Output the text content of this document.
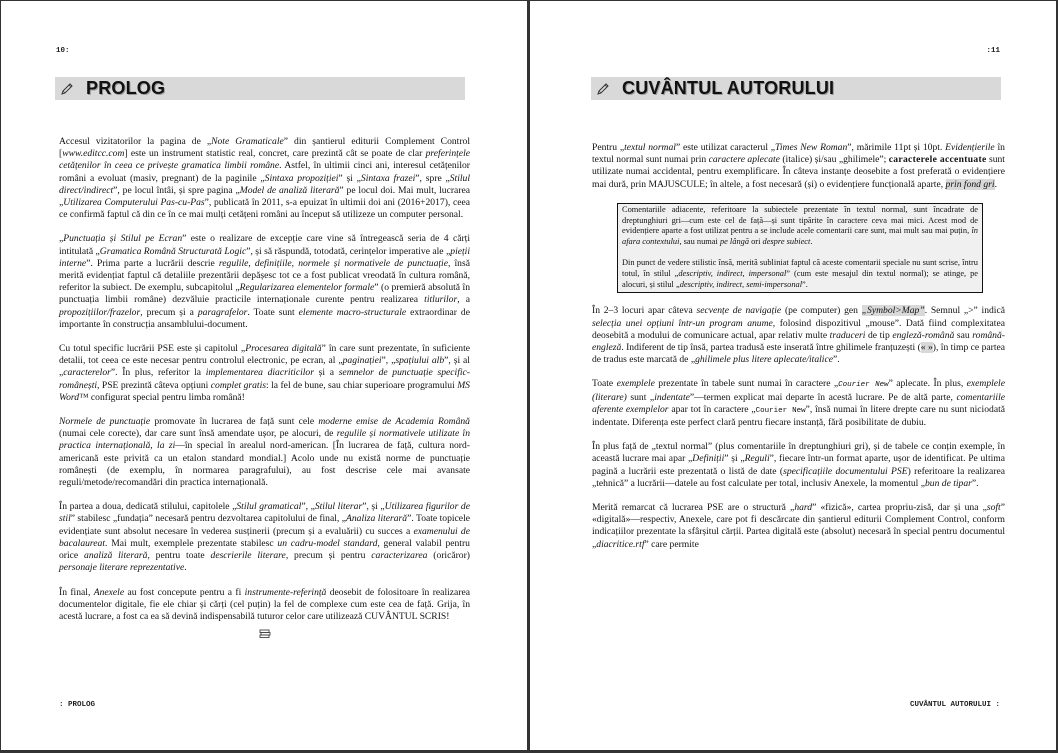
10:
PROLOG

Accesul vizitatorilor la pagina de „Note Gramaticale” din șantierul editurii Complement Control [www.editcc.com] este un instrument statistic real, concret, care prezintă cât se poate de clar preferințele cetățenilor în ceea ce privește gramatica limbii române. Astfel, în ultimii cinci ani, interesul cetățenilor români a evoluat (masiv, pregnant) de la paginile „Sintaxa propoziției” și „Sintaxa frazei”, spre „Stilul direct/indirect”, pe locul întâi, și spre pagina „Model de analiză literară” pe locul doi. Mai mult, lucrarea „Utilizarea Computerului Pas-cu-Pas”, publicată în 2011, s-a epuizat în ultimii doi ani (2016+2017), ceea ce confirmă faptul că din ce în ce mai mulți cetățeni români au început să utilizeze un computer personal.

„Punctuația și Stilul pe Ecran” este o realizare de excepție care vine să întregească seria de 4 cărți intitulată „Gramatica Română Structurată Logic”, și să răspundă, totodată, cerințelor imperative ale „pieții interne”. Prima parte a lucrării descrie regulile, definițiile, normele și normativele de punctuație, însă merită evidențiat faptul că detaliile prezentării depășesc tot ce a fost publicat vreodată în cultura română, referitor la subiect. De exemplu, subcapitolul „Regularizarea elementelor formale” (o premieră absolută în punctuația limbii române) dezvăluie practicile internaționale curente pentru realizarea titlurilor, a propozițiilor/frazelor, precum și a paragrafelor. Toate sunt elemente macro-structurale extraordinar de importante în construcția ansamblului-document.

Cu totul specific lucrării PSE este și capitolul „Procesarea digitală” în care sunt prezentate, în suficiente detalii, tot ceea ce este necesar pentru controlul electronic, pe ecran, al „paginației”, „spațiului alb”, și al „caracterelor”. În plus, referitor la implementarea diacriticilor și a semnelor de punctuație specific-românești, PSE prezintă câteva opțiuni complet gratis: la fel de bune, sau chiar superioare programului MS Word™ configurat special pentru limba română!

Normele de punctuație promovate în lucrarea de față sunt cele moderne emise de Academia Română (numai cele corecte), dar care sunt însă amendate ușor, pe alocuri, de regulile și normativele utilizate în practica internațională, la zi—în special în arealul nord-american. [În lucrarea de față, cultura nord-americană este privită ca un etalon standard mondial.] Acolo unde nu există norme de punctuație românești (de exemplu, în normarea paragrafului), au fost descrise cele mai avansate reguli/metode/recomandări din practica internațională.

În partea a doua, dedicată stilului, capitolele „Stilul gramatical”, „Stilul literar”, și „Utilizarea figurilor de stil” stabilesc „fundația” necesară pentru dezvoltarea capitolului de final, „Analiza literară”. Toate topicele evidențiate sunt absolut necesare în vederea susținerii (precum și a evaluării) cu succes a examenului de bacalaureat. Mai mult, exemplele prezentate stabilesc un cadru-model standard, general valabil pentru orice analiză literară, pentru toate descrierile literare, precum și pentru caracterizarea (oricăror) personaje literare reprezentative.

În final, Anexele au fost concepute pentru a fi instrumente-referință deosebit de folositoare în realizarea documentelor digitale, fie ele chiar și cărți (cel puțin) la fel de complexe cum este cea de față. Grija, în acestă lucrare, a fost ca ea să devină indispensabilă tuturor celor care utilizează CUVÂNTUL SCRIS!

: PROLOG
:11
CUVÂNTUL AUTORULUI

Pentru „textul normal” este utilizat caracterul „Times New Roman”, mărimile 11pt și 10pt. Evidențierile în textul normal sunt numai prin caractere aplecate (italice) și/sau „ghilimele”; caracterele accentuate sunt utilizate numai accidental, pentru exemplificare. În câteva instanțe deosebite a fost preferată o evidențiere mai dură, prin MAJUSCULE; în altele, a fost necesară (și) o evidențiere funcțională aparte, prin fond gri.

Comentariile adiacente, referitoare la subiectele prezentate în textul normal, sunt încadrate de dreptunghiuri gri—cum este cel de față—și sunt tipărite în caractere ceva mai mici. Acest mod de evidențiere aparte a fost utilizat pentru a se include acele comentarii care sunt, mai mult sau mai puțin, în afara contextului, sau numai pe lângă ori despre subiect.

Din punct de vedere stilistic însă, merită subliniat faptul că aceste comentarii speciale nu sunt scrise, întru totul, în stilul „descriptiv, indirect, impersonal” (cum este mesajul din textul normal); se atinge, pe alocuri, și stilul „descriptiv, indirect, semi-impersonal”.

În 2–3 locuri apar câteva secvențe de navigație (pe computer) gen „Symbol>Map”. Semnul „>” indică selecția unei opțiuni într-un program anume, folosind dispozitivul „mouse”. Dată fiind complexitatea deosebită a modului de comunicare actual, apar relativ multe traduceri de tip engleză-română sau română-engleză. Indiferent de tip însă, partea tradusă este inserată între ghilimele franțuzești (« »), în timp ce partea de tradus este marcată de „ghilimele plus litere aplecate/italice”.

Toate exemplele prezentate în tabele sunt numai în caractere „Courier New” aplecate. În plus, exemplele (literare) sunt „indentate”—termen explicat mai departe în acestă lucrare. Pe de altă parte, comentariile aferente exemplelor apar tot în caractere „Courier New”, însă numai în litere drepte care nu sunt niciodată indentate. Diferența este perfect clară pentru fiecare instanță, fără posibilitate de dubiu.

În plus față de „textul normal” (plus comentariile în dreptunghiuri gri), și de tabele ce conțin exemple, în această lucrare mai apar „Definiții” și „Reguli”, fiecare într-un format aparte, ușor de identificat. Pe ultima pagină a lucrării este prezentată o listă de date (specificațiile documentului PSE) referitoare la realizarea „tehnică” a lucrării—datele au fost calculate per total, inclusiv Anexele, la momentul „bun de tipar”.

Merită remarcat că lucrarea PSE are o structură „hard” «fizică», cartea propriu-zisă, dar și una „soft” «digitală»—respectiv, Anexele, care pot fi descărcate din șantierul editurii Complement Control, conform indicațiilor prezentate la sfârșitul cărții. Partea digitală este (absolut) necesară în special pentru documentul „diacritice.rtf” care permite

CUVÂNTUL AUTORULUI :
